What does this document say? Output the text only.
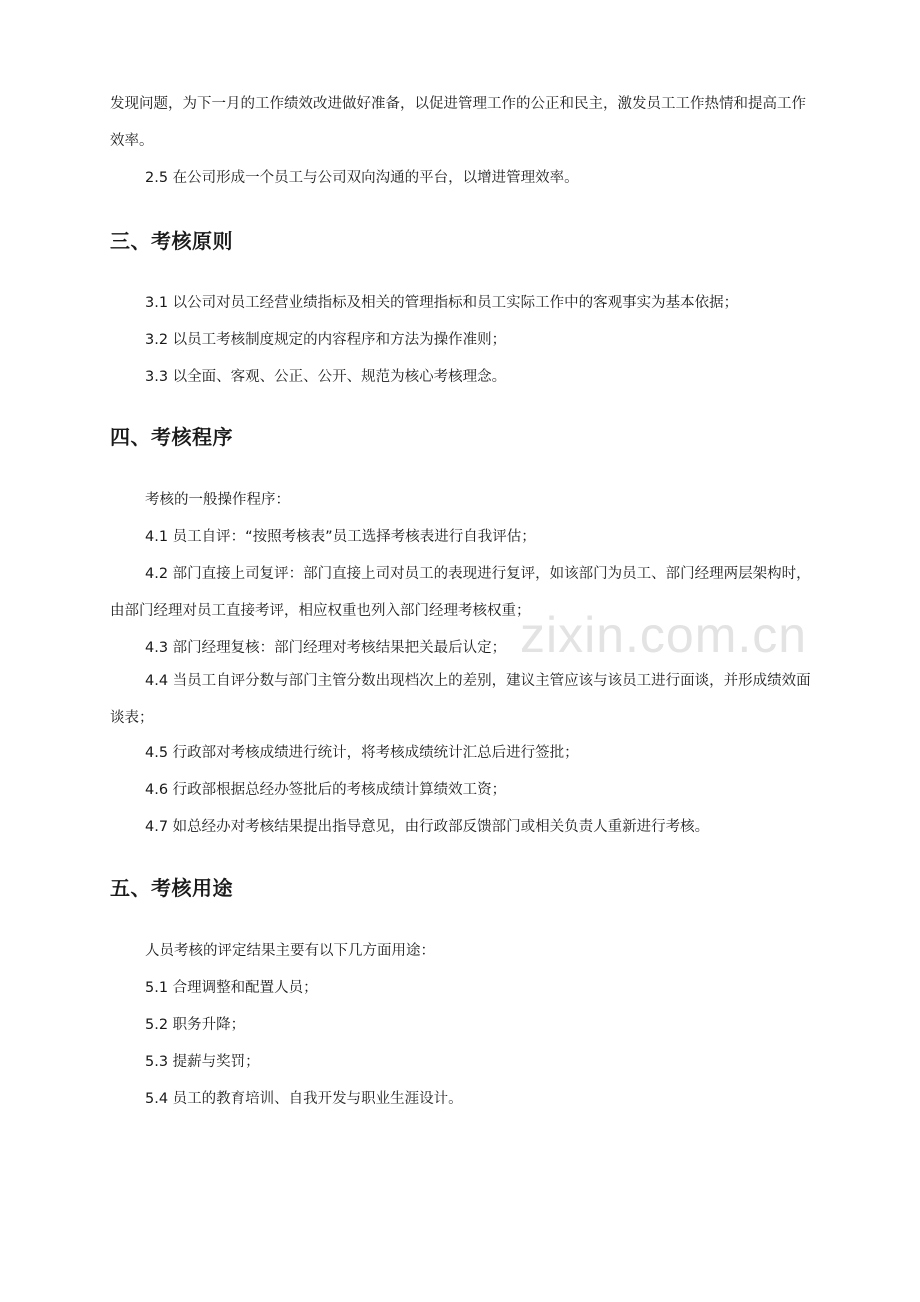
zixin.com.cn

发现问题，为下一月的工作绩效改进做好准备，以促进管理工作的公正和民主，激发员工工作热情和提高工作效率。

2.5 在公司形成一个员工与公司双向沟通的平台，以增进管理效率。

三、考核原则

3.1 以公司对员工经营业绩指标及相关的管理指标和员工实际工作中的客观事实为基本依据；

3.2 以员工考核制度规定的内容程序和方法为操作准则；

3.3 以全面、客观、公正、公开、规范为核心考核理念。

四、考核程序

考核的一般操作程序：

4.1 员工自评：“按照考核表”员工选择考核表进行自我评估；

4.2 部门直接上司复评：部门直接上司对员工的表现进行复评，如该部门为员工、部门经理两层架构时，由部门经理对员工直接考评，相应权重也列入部门经理考核权重；

4.3 部门经理复核：部门经理对考核结果把关最后认定；

4.4 当员工自评分数与部门主管分数出现档次上的差别，建议主管应该与该员工进行面谈，并形成绩效面谈表；

4.5 行政部对考核成绩进行统计，将考核成绩统计汇总后进行签批；

4.6 行政部根据总经办签批后的考核成绩计算绩效工资；

4.7 如总经办对考核结果提出指导意见，由行政部反馈部门或相关负责人重新进行考核。

五、考核用途

人员考核的评定结果主要有以下几方面用途：

5.1 合理调整和配置人员；

5.2 职务升降；

5.3 提薪与奖罚；

5.4 员工的教育培训、自我开发与职业生涯设计。
